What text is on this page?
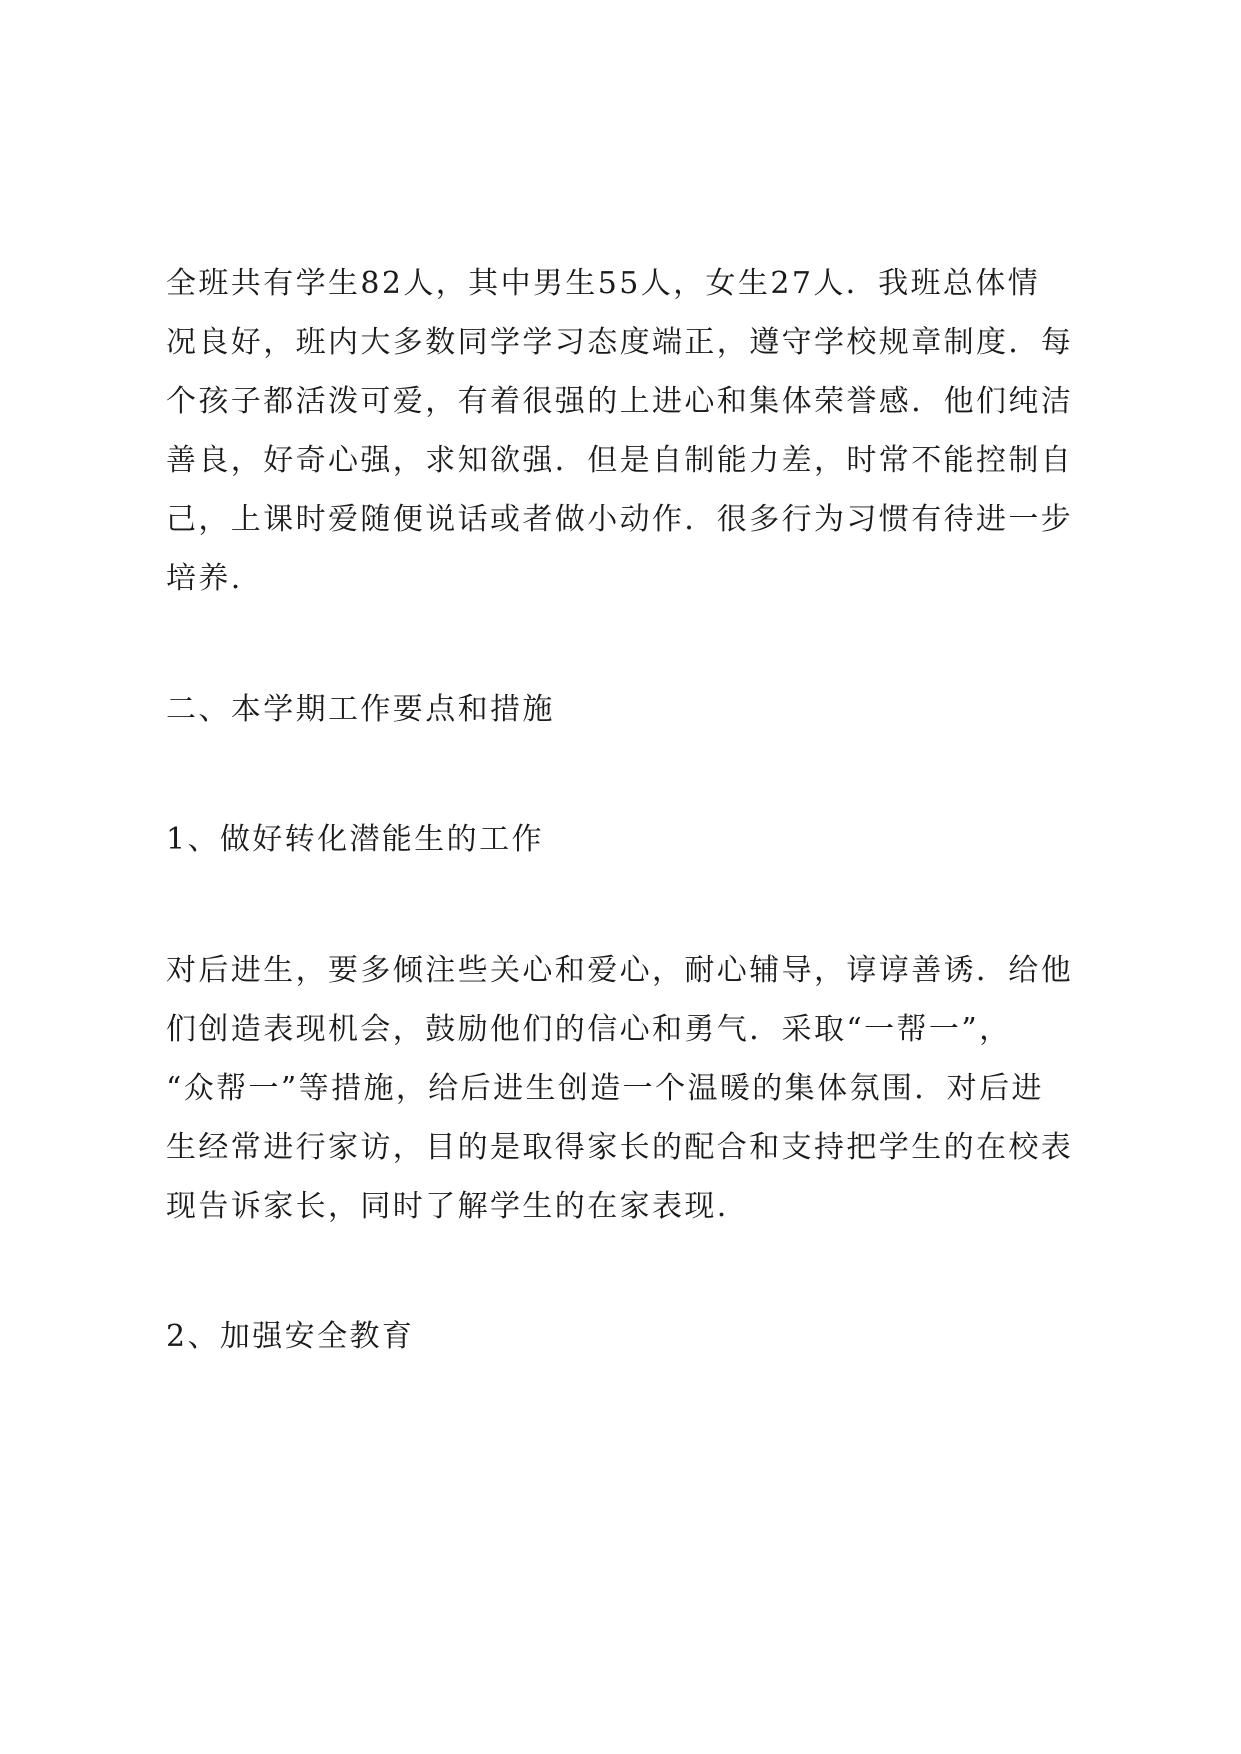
全班共有学生82人，其中男生55人，女生27人．我班总体情
况良好，班内大多数同学学习态度端正，遵守学校规章制度．每
个孩子都活泼可爱，有着很强的上进心和集体荣誉感．他们纯洁
善良，好奇心强，求知欲强．但是自制能力差，时常不能控制自
己，上课时爱随便说话或者做小动作．很多行为习惯有待进一步
培养.
二、本学期工作要点和措施
1、做好转化潜能生的工作
对后进生，要多倾注些关心和爱心，耐心辅导，谆谆善诱．给他
们创造表现机会，鼓励他们的信心和勇气．采取“一帮一”，
“众帮一”等措施，给后进生创造一个温暖的集体氛围．对后进
生经常进行家访，目的是取得家长的配合和支持把学生的在校表
现告诉家长，同时了解学生的在家表现.
2、加强安全教育
